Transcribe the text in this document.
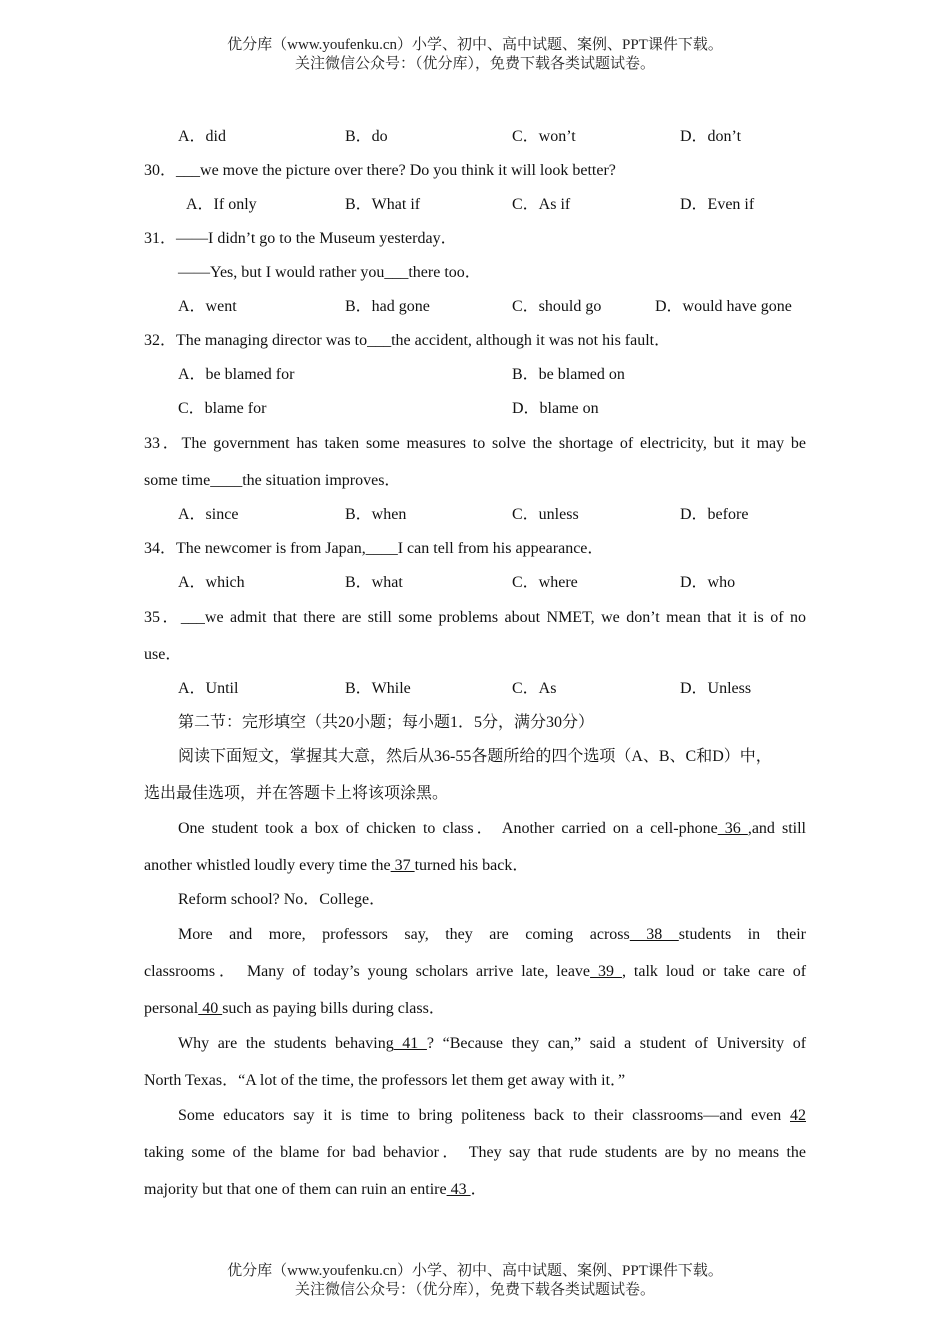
优分库（www.youfenku.cn）小学、初中、高中试题、案例、PPT课件下载。
关注微信公众号：（优分库），免费下载各类试题试卷。
A．did	B．do	C．won’t	D．don’t
30．___we move the picture over there? Do you think it will look better?
A．If only	B．What if	C．As if	D．Even if
31．——I didn’t go to the Museum yesterday．
——Yes, but I would rather you___there too．
A．went	B．had gone	C．should go	D．would have gone
32．The managing director was to___the accident, although it was not his fault．
A．be blamed for	B．be blamed on
C．blame for	D．blame on
33．The government has taken some measures to solve the shortage of electricity, but it may be
some time____the situation improves．
A．since	B．when	C．unless	D．before
34．The newcomer is from Japan,____I can tell from his appearance．
A．which	B．what	C．where	D．who
35．___we admit that there are still some problems about NMET, we don’t mean that it is of no
use．
A．Until	B．While	C．As	D．Unless
第二节：完形填空（共20小题；每小题1．5分，满分30分）
阅读下面短文，掌握其大意，然后从36-55各题所给的四个选项（A、B、C和D）中，
选出最佳选项，并在答题卡上将该项涂黑。
One student took a box of chicken to class． Another carried on a cell-phone 36 ,and still
another whistled loudly every time the 37 turned his back．
Reform school? No．College．
More and more, professors say, they are coming across 38 students in their
classrooms． Many of today’s young scholars arrive late, leave 39 , talk loud or take care of
personal 40 such as paying bills during class．
Why are the students behaving 41 ? “Because they can,” said a student of University of
North Texas．“A lot of the time, the professors let them get away with it．”
Some educators say it is time to bring politeness back to their classrooms—and even 42
taking some of the blame for bad behavior． They say that rude students are by no means the
majority but that one of them can ruin an entire 43 ．
优分库（www.youfenku.cn）小学、初中、高中试题、案例、PPT课件下载。
关注微信公众号：（优分库），免费下载各类试题试卷。
